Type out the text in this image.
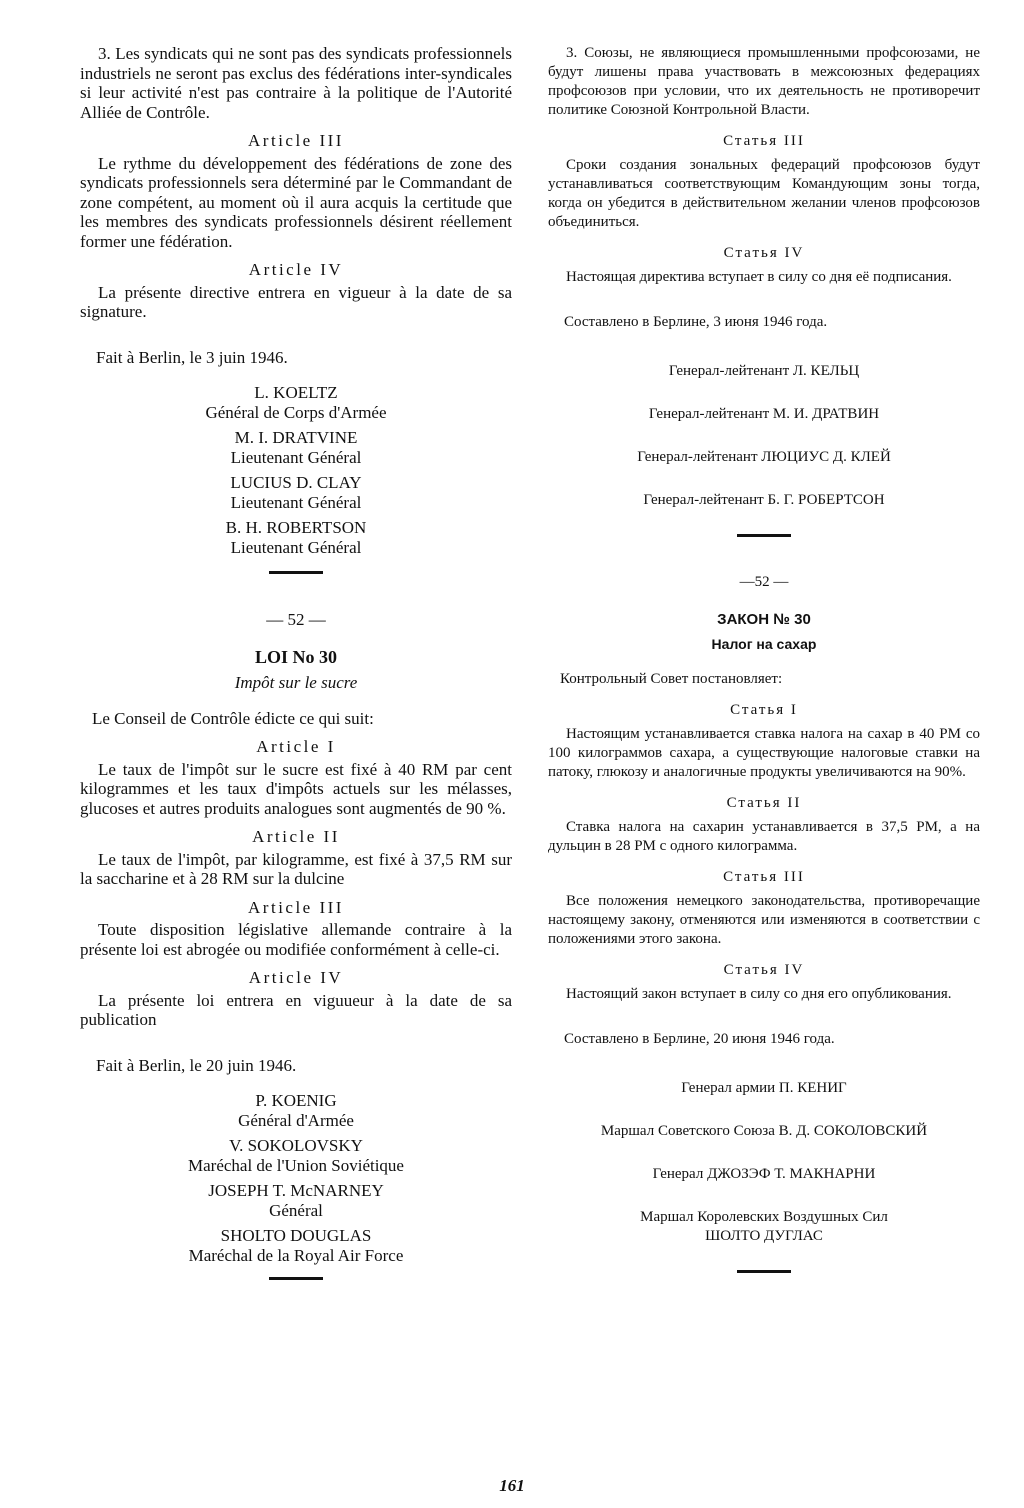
3. Les syndicats qui ne sont pas des syndicats professionnels industriels ne seront pas exclus des fédérations inter-syndicales si leur activité n'est pas contraire à la politique de l'Autorité Alliée de Contrôle.

Article III

Le rythme du développement des fédérations de zone des syndicats professionnels sera déterminé par le Commandant de zone compétent, au moment où il aura acquis la certitude que les membres des syndicats professionnels désirent réellement former une fédération.

Article IV

La présente directive entrera en vigueur à la date de sa signature.

Fait à Berlin, le 3 juin 1946.
L. KOELTZ
Général de Corps d'Armée
M. I. DRATVINE
Lieutenant Général
LUCIUS D. CLAY
Lieutenant Général
B. H. ROBERTSON
Lieutenant Général
— 52 —
LOI No 30
Impôt sur le sucre
Le Conseil de Contrôle édicte ce qui suit:
Article I

Le taux de l'impôt sur le sucre est fixé à 40 RM par cent kilogrammes et les taux d'impôts actuels sur les mélasses, glucoses et autres produits analogues sont augmentés de 90 %.

Article II

Le taux de l'impôt, par kilogramme, est fixé à 37,5 RM sur la saccharine et à 28 RM sur la dulcine

Article III

Toute disposition législative allemande contraire à la présente loi est abrogée ou modifiée conformément à celle-ci.

Article IV

La présente loi entrera en viguueur à la date de sa publication

Fait à Berlin, le 20 juin 1946.
P. KOENIG
Général d'Armée
V. SOKOLOVSKY
Maréchal de l'Union Soviétique
JOSEPH T. McNARNEY
Général
SHOLTO DOUGLAS
Maréchal de la Royal Air Force

3. Союзы, не являющиеся промышленными профсоюзами, не будут лишены права участвовать в межсоюзных федерациях профсоюзов при условии, что их деятельность не противоречит политике Союзной Контрольной Власти.

Статья III

Сроки создания зональных федераций профсоюзов будут устанавливаться соответствующим Командующим зоны тогда, когда он убедится в действительном желании членов профсоюзов объединиться.

Статья IV

Настоящая директива вступает в силу со дня её подписания.

Составлено в Берлине, 3 июня 1946 года.
Генерал-лейтенант Л. КЕЛЬЦ
Генерал-лейтенант М. И. ДРАТВИН
Генерал-лейтенант ЛЮЦИУС Д. КЛЕЙ
Генерал-лейтенант Б. Г. РОБЕРТСОН
—52 —
ЗАКОН № 30
Налог на сахар
Контрольный Совет постановляет:
Статья I

Настоящим устанавливается ставка налога на сахар в 40 РМ со 100 килограммов сахара, а существующие налоговые ставки на патоку, глюкозу и аналогичные продукты увеличиваются на 90%.

Статья II

Ставка налога на сахарин устанавливается в 37,5 РМ, а на дульцин в 28 РМ с одного килограмма.

Статья III

Все положения немецкого законодательства, противоречащие настоящему закону, отменяются или изменяются в соответствии с положениями этого закона.

Статья IV

Настоящий закон вступает в силу со дня его опубликования.

Составлено в Берлине, 20 июня 1946 года.
Генерал армии П. КЕНИГ
Маршал Советского Союза В. Д. СОКОЛОВСКИЙ
Генерал ДЖОЗЭФ Т. МАКНАРНИ
Маршал Королевских Воздушных Сил
ШОЛТО ДУГЛАС
161
